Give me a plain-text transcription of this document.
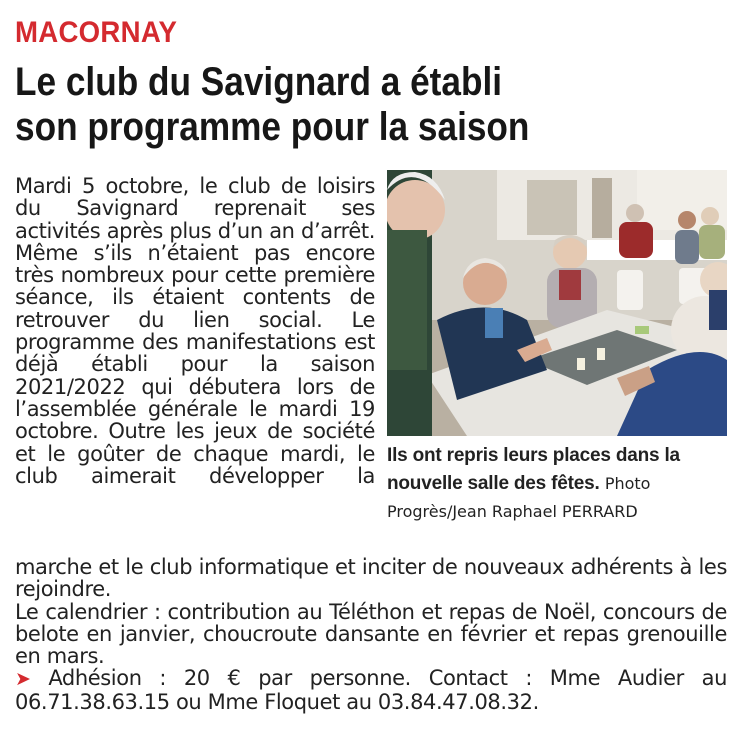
MACORNAY
Le club du Savignard a établi
son programme pour la saison

Mardi 5 octobre, le club de loisirs du Savignard reprenait ses activités après plus d’un an d’arrêt. Même s’ils n’étaient pas encore très nombreux pour cette première séance, ils étaient contents de retrouver du lien social. Le programme des manifestations est déjà établi pour la saison 2021/2022 qui débutera lors de l’assemblée générale le mardi 19 octobre. Outre les jeux de société et le goûter de chaque mardi, le club aimerait développer la

Ils ont repris leurs places dans la nouvelle salle des fêtes. Photo Progrès/Jean Raphael PERRARD

marche et le club informatique et inciter de nouveaux adhérents à les rejoindre.

Le calendrier : contribution au Téléthon et repas de Noël, concours de belote en janvier, choucroute dansante en février et repas grenouille en mars.

➤ Adhésion : 20 € par personne. Contact : Mme Audier au 06.71.38.63.15 ou Mme Floquet au 03.84.47.08.32.
